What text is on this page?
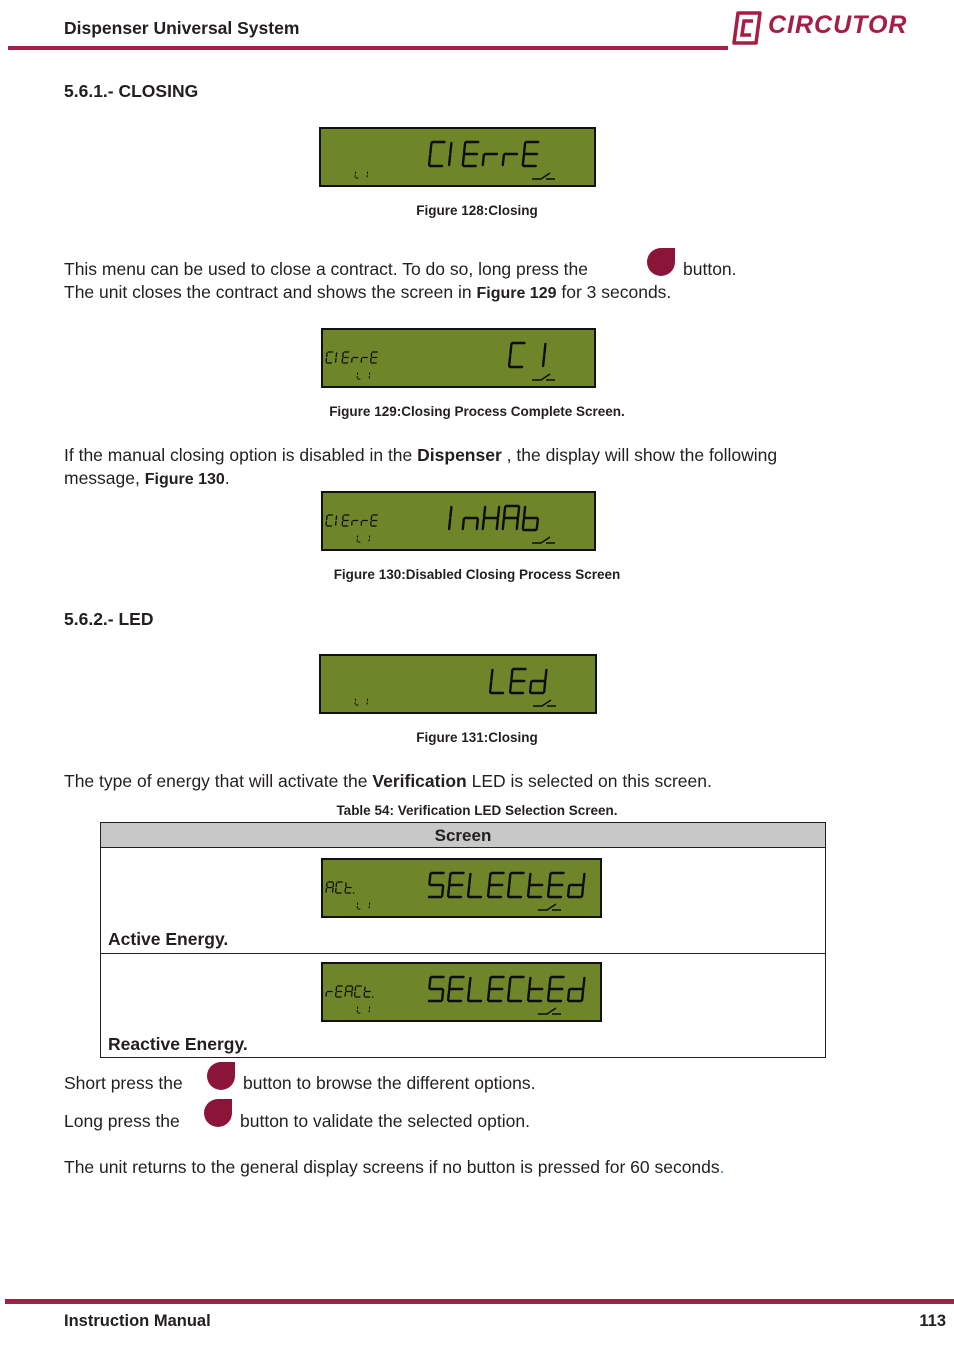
Dispenser Universal System	CIRCUTOR
5.6.1.- CLOSING
Figure 128:Closing
This menu can be used to close a contract. To do so, long press the	button.
The unit closes the contract and shows the screen in Figure 129 for 3 seconds.
Figure 129:Closing Process Complete Screen.
If the manual closing option is disabled in the Dispenser , the display will show the following
message, Figure 130.
Figure 130:Disabled Closing Process Screen
5.6.2.- LED
Figure 131:Closing
The type of energy that will activate the Verification LED is selected on this screen.
Table 54: Verification LED Selection Screen.
Screen
Active Energy.
Reactive Energy.
Short press the	button to browse the different options.
Long press the	button to validate the selected option.
The unit returns to the general display screens if no button is pressed for 60 seconds.
Instruction Manual	113
